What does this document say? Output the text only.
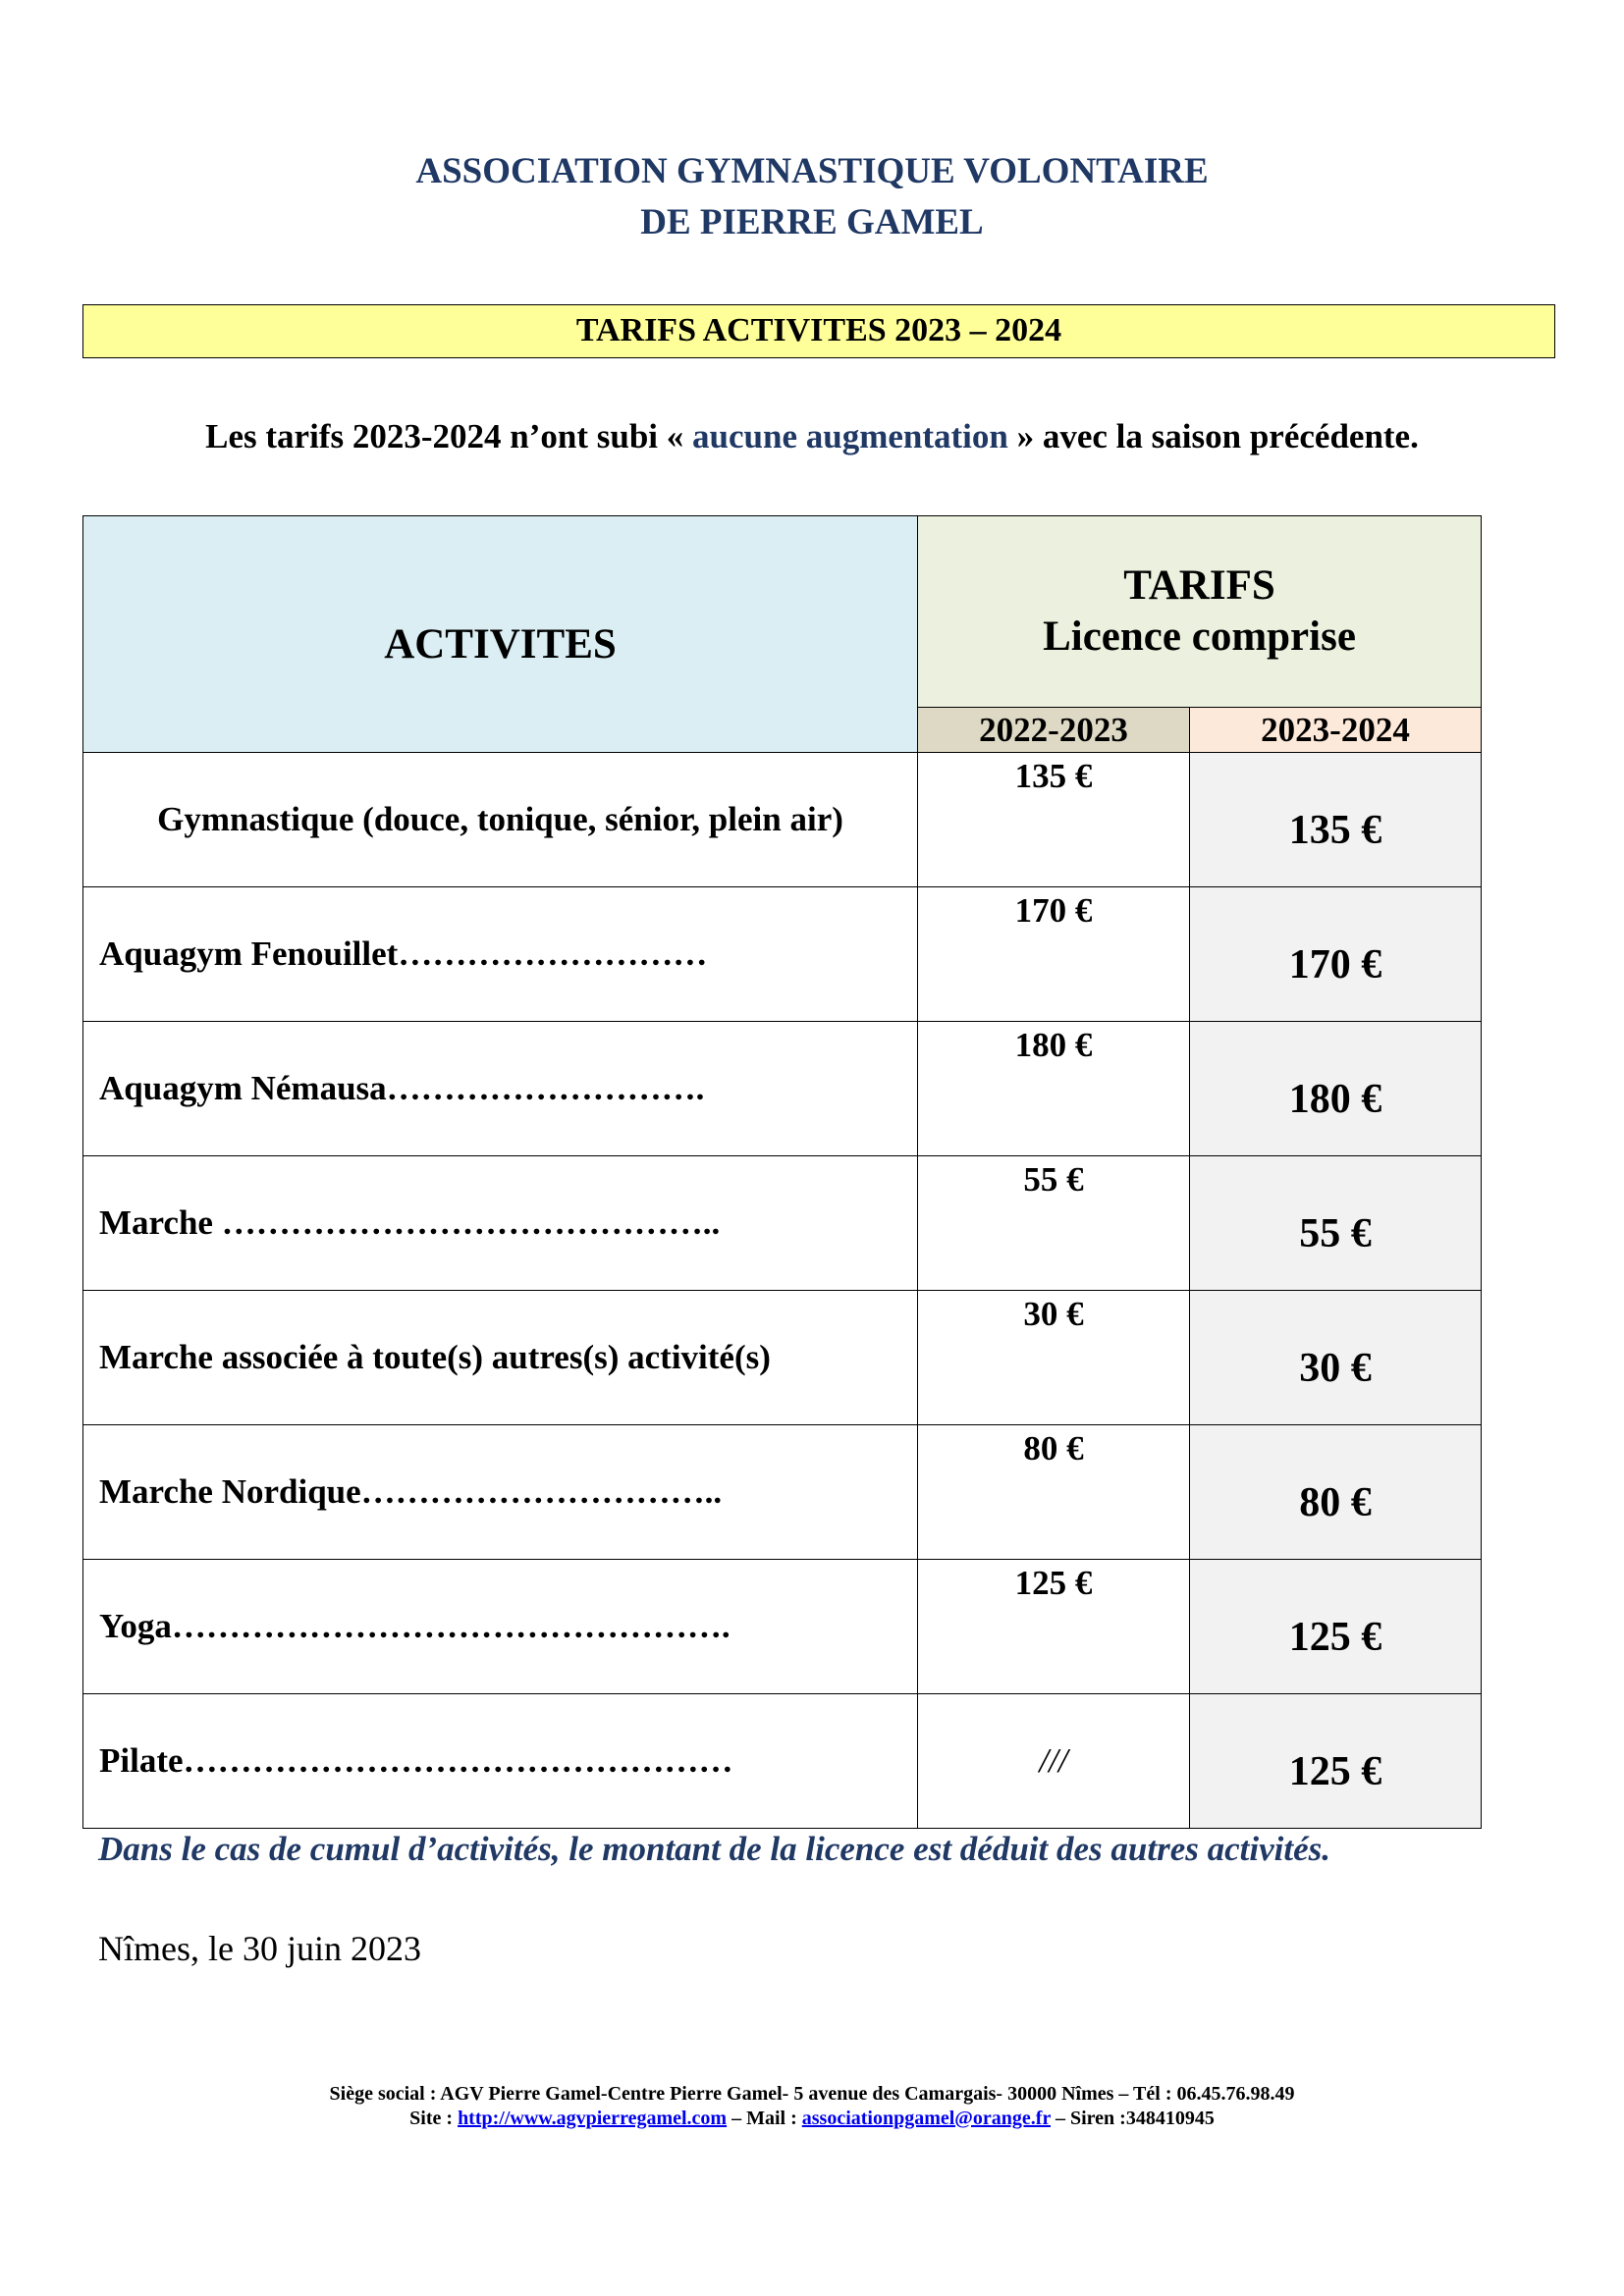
ASSOCIATION GYMNASTIQUE VOLONTAIRE
DE PIERRE GAMEL
TARIFS ACTIVITES 2023 – 2024
Les tarifs 2023-2024 n’ont subi « aucune augmentation » avec la saison précédente.
ACTIVITES	TARIFS
Licence comprise	

	2022-2023	2023-2024
Gymnastique (douce, tonique, sénior, plein air)	135 €	135 €
Aquagym Fenouillet………………………	170 €	170 €
Aquagym Némausa……………………….	180 €	180 €
Marche ……………………………………..	55 €	55 €
Marche associée à toute(s) autres(s) activité(s)	30 €	30 €
Marche Nordique…………………………..	80 €	80 €
Yoga………………………………………….	125 €	125 €
Pilate…………………………………………	///	125 €
Dans le cas de cumul d’activités, le montant de la licence est déduit des autres activités.
Nîmes, le 30 juin 2023
Siège social : AGV Pierre Gamel-Centre Pierre Gamel- 5 avenue des Camargais- 30000 Nîmes – Tél : 06.45.76.98.49
Site : http://www.agvpierregamel.com – Mail : associationpgamel@orange.fr – Siren :348410945
